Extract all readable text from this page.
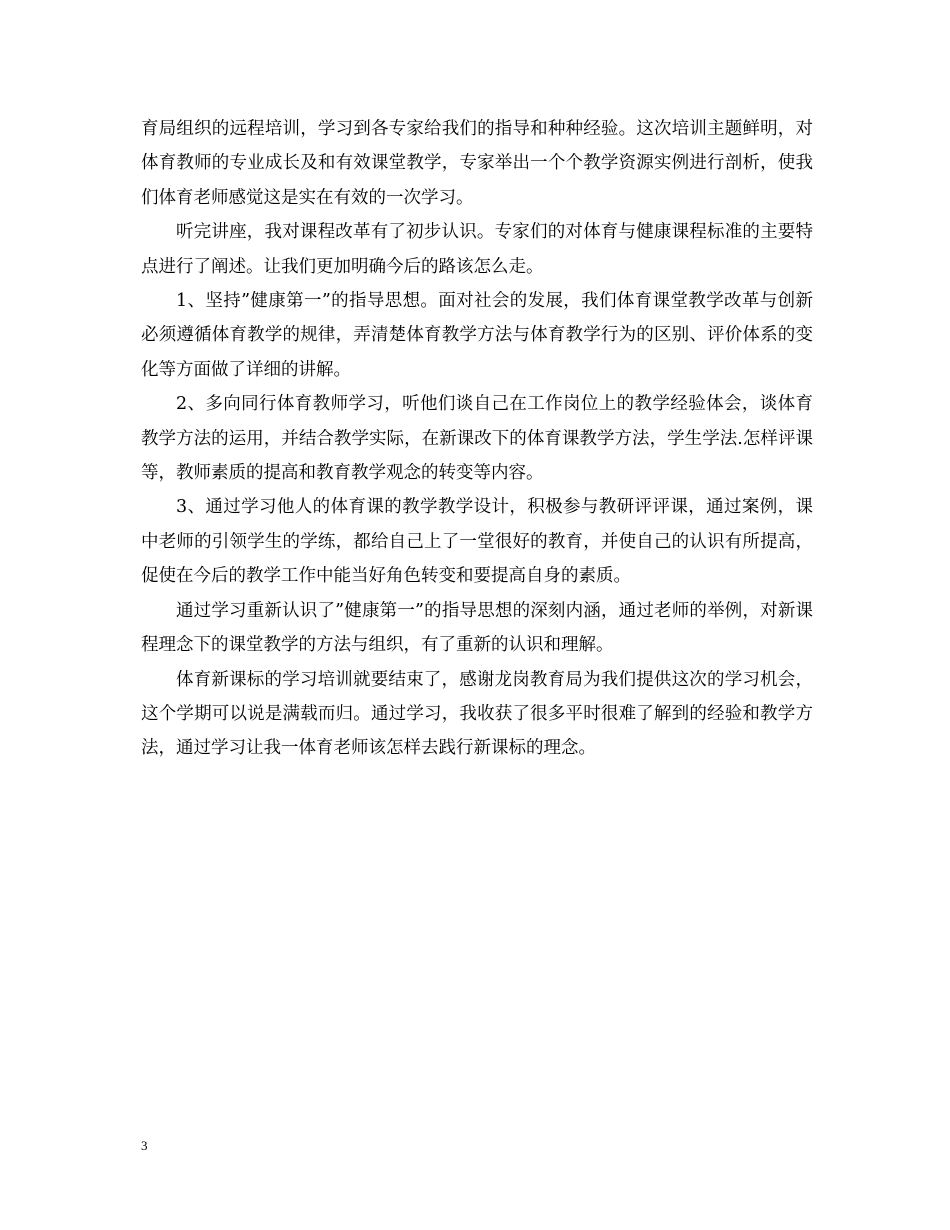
育局组织的远程培训，学习到各专家给我们的指导和种种经验。这次培训主题鲜明，对体育教师的专业成长及和有效课堂教学，专家举出一个个教学资源实例进行剖析，使我们体育老师感觉这是实在有效的一次学习。

听完讲座，我对课程改革有了初步认识。专家们的对体育与健康课程标准的主要特点进行了阐述。让我们更加明确今后的路该怎么走。

1、坚持”健康第一”的指导思想。面对社会的发展，我们体育课堂教学改革与创新必须遵循体育教学的规律，弄清楚体育教学方法与体育教学行为的区别、评价体系的变化等方面做了详细的讲解。

2、多向同行体育教师学习，听他们谈自己在工作岗位上的教学经验体会，谈体育教学方法的运用，并结合教学实际，在新课改下的体育课教学方法，学生学法.怎样评课等，教师素质的提高和教育教学观念的转变等内容。

3、通过学习他人的体育课的教学教学设计，积极参与教研评评课，通过案例，课中老师的引领学生的学练，都给自己上了一堂很好的教育，并使自己的认识有所提高，促使在今后的教学工作中能当好角色转变和要提高自身的素质。

通过学习重新认识了”健康第一”的指导思想的深刻内涵，通过老师的举例，对新课程理念下的课堂教学的方法与组织，有了重新的认识和理解。

体育新课标的学习培训就要结束了，感谢龙岗教育局为我们提供这次的学习机会，这个学期可以说是满载而归。通过学习，我收获了很多平时很难了解到的经验和教学方法，通过学习让我一体育老师该怎样去践行新课标的理念。

3
